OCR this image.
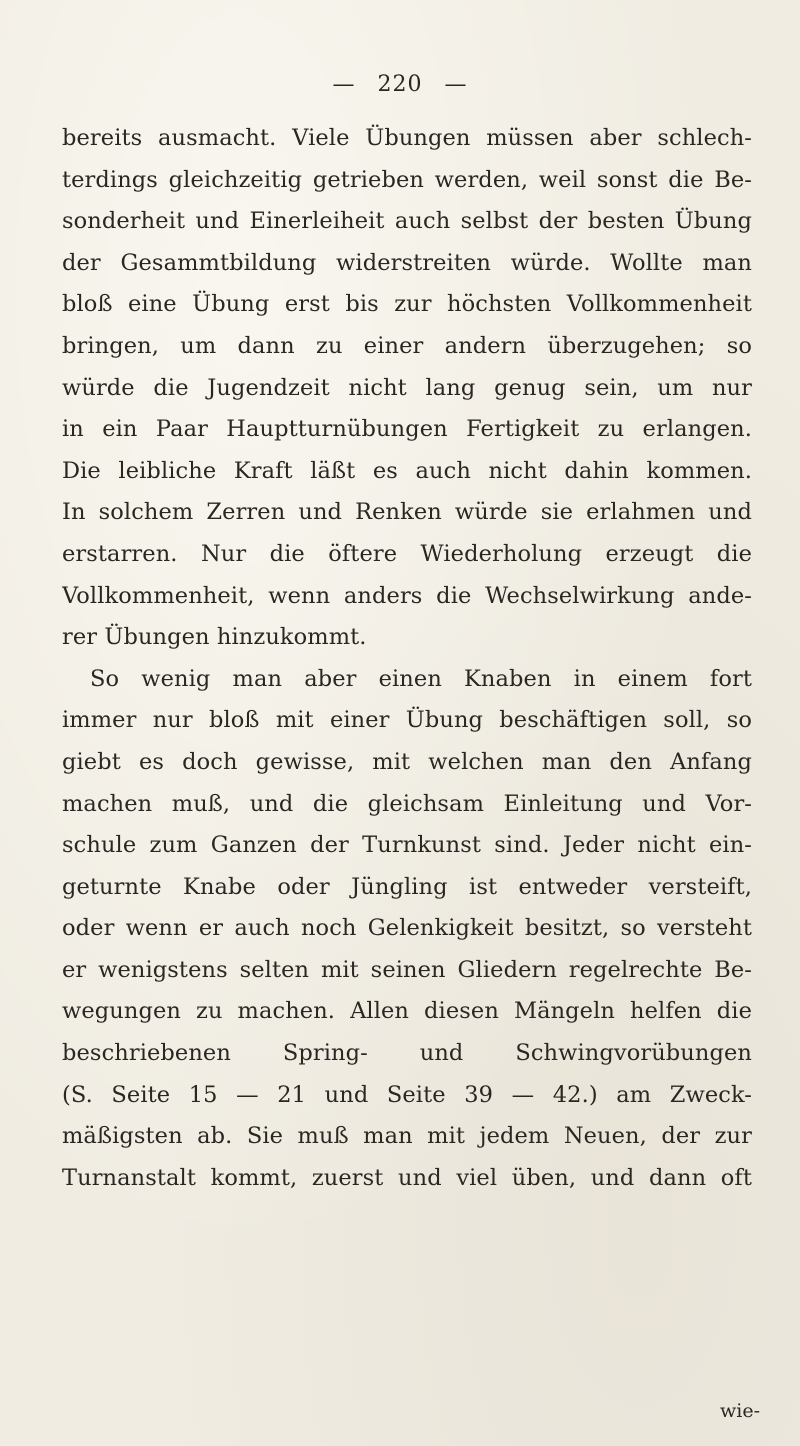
— 220 —
bereits ausmacht. Viele Übungen müssen aber schlech-
terdings gleichzeitig getrieben werden, weil sonst die Be-
sonderheit und Einerleiheit auch selbst der besten Übung
der Gesammtbildung widerstreiten würde. Wollte man
bloß eine Übung erst bis zur höchsten Vollkommenheit
bringen, um dann zu einer andern überzugehen; so
würde die Jugendzeit nicht lang genug sein, um nur
in ein Paar Hauptturnübungen Fertigkeit zu erlangen.
Die leibliche Kraft läßt es auch nicht dahin kommen.
In solchem Zerren und Renken würde sie erlahmen und
erstarren. Nur die öftere Wiederholung erzeugt die
Vollkommenheit, wenn anders die Wechselwirkung ande-
rer Übungen hinzukommt.
So wenig man aber einen Knaben in einem fort
immer nur bloß mit einer Übung beschäftigen soll, so
giebt es doch gewisse, mit welchen man den Anfang
machen muß, und die gleichsam Einleitung und Vor-
schule zum Ganzen der Turnkunst sind. Jeder nicht ein-
geturnte Knabe oder Jüngling ist entweder versteift,
oder wenn er auch noch Gelenkigkeit besitzt, so versteht
er wenigstens selten mit seinen Gliedern regelrechte Be-
wegungen zu machen. Allen diesen Mängeln helfen die
beschriebenen Spring- und Schwingvorübungen
(S. Seite 15 — 21 und Seite 39 — 42.) am Zweck-
mäßigsten ab. Sie muß man mit jedem Neuen, der zur
Turnanstalt kommt, zuerst und viel üben, und dann oft
wie-
